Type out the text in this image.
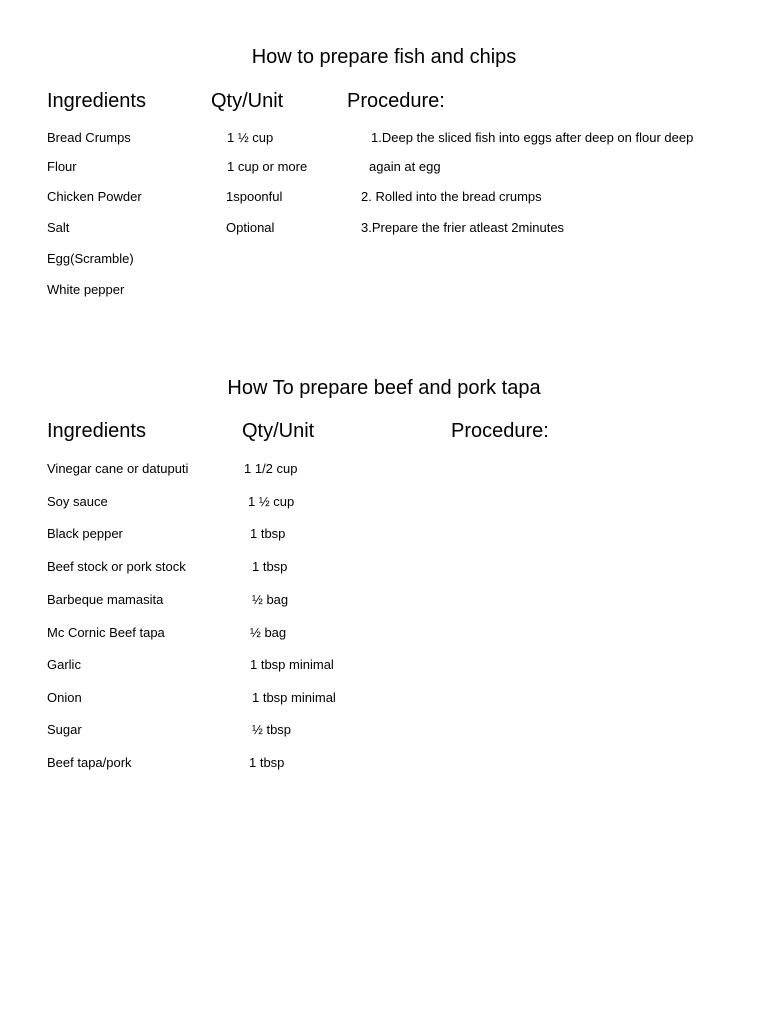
How to prepare fish and chips
Ingredients	Qty/Unit	Procedure:
Bread Crumps	1 ½ cup	1.Deep the sliced fish into eggs after deep on flour deep
Flour	1 cup or more	again at egg
Chicken Powder	1spoonful	2. Rolled into the bread crumps
Salt	Optional	3.Prepare the frier atleast 2minutes
Egg(Scramble)
White pepper
How To prepare beef and pork tapa
Ingredients	Qty/Unit	Procedure:
Vinegar cane or datuputi	1 1/2 cup
Soy sauce	1 ½ cup
Black pepper	1 tbsp
Beef stock or pork stock	1 tbsp
Barbeque mamasita	½ bag
Mc Cornic Beef tapa	½ bag
Garlic	1 tbsp minimal
Onion	1 tbsp minimal
Sugar	½ tbsp
Beef tapa/pork	1 tbsp
